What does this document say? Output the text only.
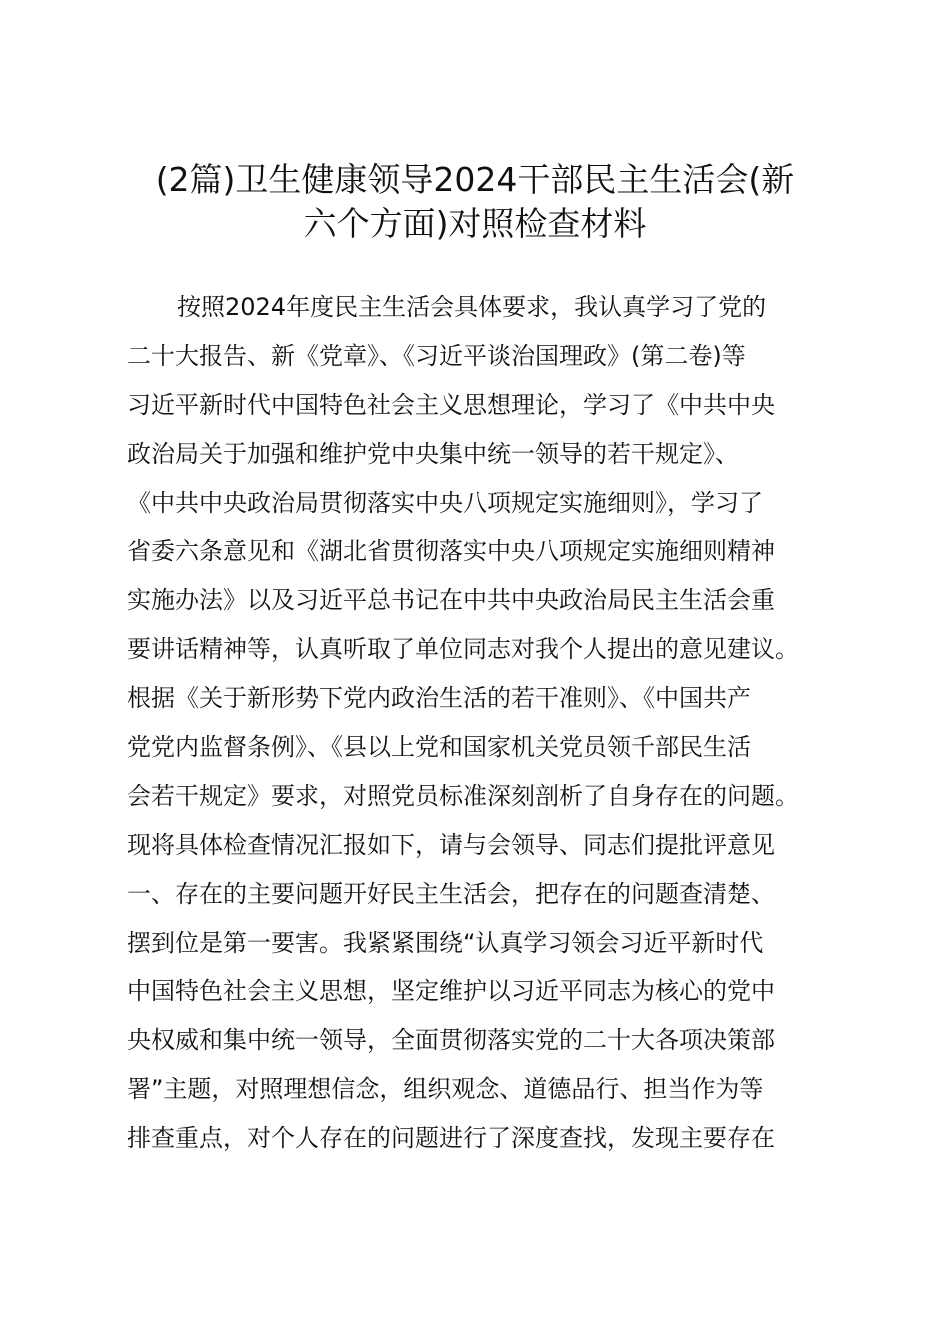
(2篇)卫生健康领导2024干部民主生活会(新
六个方面)对照检查材料
按照2024年度民主生活会具体要求，我认真学习了党的
二十大报告、新《党章》、《习近平谈治国理政》(第二卷)等
习近平新时代中国特色社会主义思想理论，学习了《中共中央
政治局关于加强和维护党中央集中统一领导的若干规定》、
《中共中央政治局贯彻落实中央八项规定实施细则》，学习了
省委六条意见和《湖北省贯彻落实中央八项规定实施细则精神
实施办法》以及习近平总书记在中共中央政治局民主生活会重
要讲话精神等，认真听取了单位同志对我个人提出的意见建议。
根据《关于新形势下党内政治生活的若干准则》、《中国共产
党党内监督条例》、《县以上党和国家机关党员领千部民生活
会若干规定》要求，对照党员标准深刻剖析了自身存在的问题。
现将具体检查情况汇报如下，请与会领导、同志们提批评意见
一、存在的主要问题开好民主生活会，把存在的问题查清楚、
摆到位是第一要害。我紧紧围绕“认真学习领会习近平新时代
中国特色社会主义思想，坚定维护以习近平同志为核心的党中
央权威和集中统一领导，全面贯彻落实党的二十大各项决策部
署”主题，对照理想信念，组织观念、道德品行、担当作为等
排查重点，对个人存在的问题进行了深度查找，发现主要存在
